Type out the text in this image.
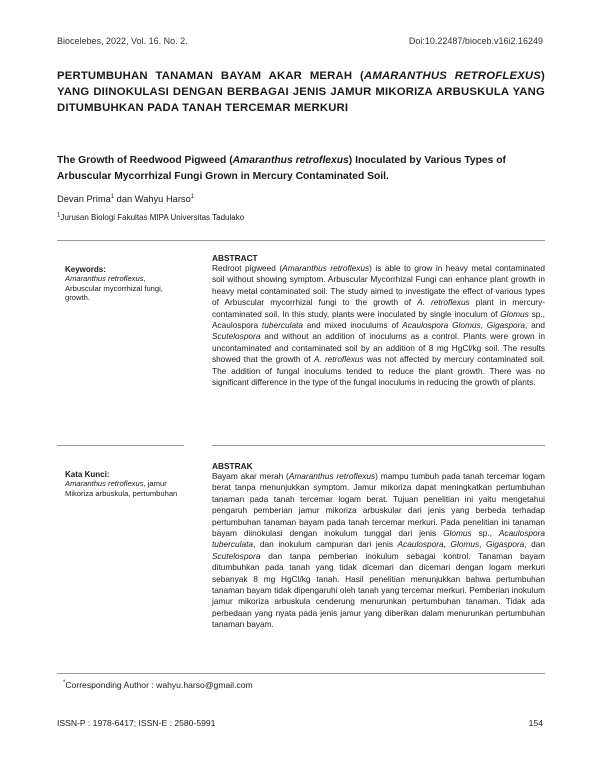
Biocelebes, 2022, Vol. 16. No. 2.	Doi:10.22487/bioceb.v16i2.16249
PERTUMBUHAN TANAMAN BAYAM AKAR MERAH (AMARANTHUS RETROFLEXUS) YANG DIINOKULASI DENGAN BERBAGAI JENIS JAMUR MIKORIZA ARBUSKULA YANG DITUMBUHKAN PADA TANAH TERCEMAR MERKURI
The Growth of Reedwood Pigweed (Amaranthus retroflexus) Inoculated by Various Types of Arbuscular Mycorrhizal Fungi Grown in Mercury Contaminated Soil.
Devan Prima$^1$ dan Wahyu Harso$^1$
$^1$Jurusan Biologi Fakultas MIPA Universitas Tadulako
Keywords:
Amaranthus retroflexus, Arbuscular mycorrhizal fungi, growth.
ABSTRACT
Redroot pigweed (Amaranthus retroflexus) is able to grow in heavy metal contaminated soil without showing symptom. Arbuscular Mycorrhizal Fungi can enhance plant growth in heavy metal contaminated soil. The study aimed to investigate the effect of various types of Arbuscular mycorrhizal fungi to the growth of A. retroflexus plant in mercury-contaminated soil. In this study, plants were inoculated by single inoculum of Glomus sp., Acaulospora tuberculata and mixed inoculums of Acaulospora Glomus, Gigaspora, and Scutelospora and without an addition of inoculums as a control. Plants were grown in uncontaminated and contaminated soil by an addition of 8 mg HgCl/kg soil. The results showed that the growth of A. retroflexus was not affected by mercury contaminated soil. The addition of fungal inoculums tended to reduce the plant growth. There was no significant difference in the type of the fungal inoculums in reducing the growth of plants.
Kata Kunci:
Amaranthus retroflexus, jamur Mikoriza arbuskula, pertumbuhan
ABSTRAK
Bayam akar merah (Amaranthus retroflexus) mampu tumbuh pada tanah tercemar logam berat tanpa menunjukkan symptom. Jamur mikoriza dapat meningkatkan pertumbuhan tanaman pada tanah tercemar logam berat. Tujuan penelitian ini yaitu mengetahui pengaruh pemberian jamur mikoriza arbuskular dari jenis yang berbeda terhadap pertumbuhan tanaman bayam pada tanah tercemar merkuri. Pada penelitian ini tanaman bayam diinokulasi dengan inokulum tunggal dari jenis Glomus sp., Acaulospora tuberculata, dan inokulum campuran dari jenis Acaulospora, Glomus, Gigaspora, dan Scutelospora dan tanpa pemberian inokulum sebagai kontrol. Tanaman bayam ditumbuhkan pada tanah yang tidak dicemari dan dicemari dengan logam merkuri sebanyak 8 mg HgCl/kg tanah. Hasil penelitian menunjukkan bahwa pertumbuhan tanaman bayam tidak dipengaruhi oleh tanah yang tercemar merkuri. Pemberian inokulum jamur mikoriza arbuskula cenderung menurunkan pertumbuhan tanaman. Tidak ada perbedaan yang nyata pada jenis jamur yang diberikan dalam menurunkan pertumbuhan tanaman bayam.
*Corresponding Author : wahyu.harso@gmail.com
ISSN-P : 1978-6417; ISSN-E : 2580-5991	154
